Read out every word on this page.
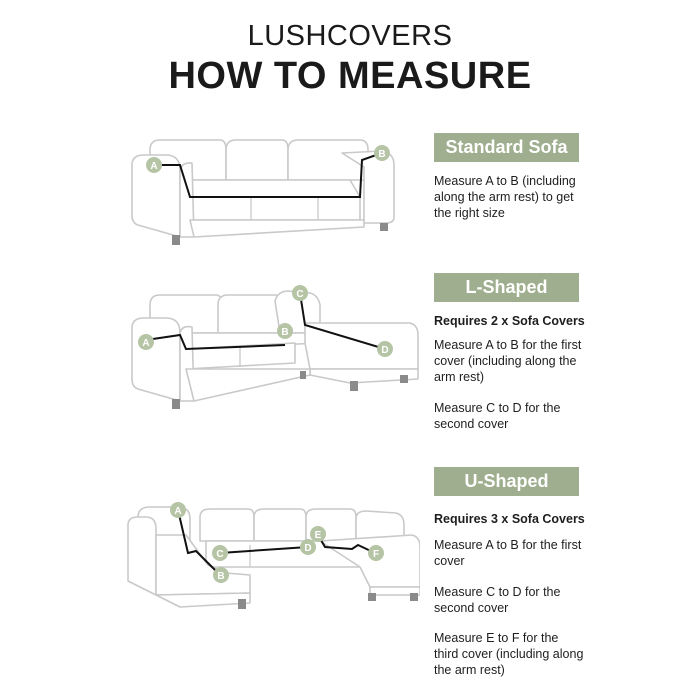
LUSHCOVERS
HOW TO MEASURE
A
B	Standard Sofa
Measure A to B (including along the arm rest) to get the right size
A
B
C
D
L-Shaped
Requires 2 x Sofa Covers
Measure A to B for the first cover (including along the arm rest)
Measure C to D for the second cover
A
B
C
D
E
F
U-Shaped
Requires 3 x Sofa Covers
Measure A to B for the first cover
Measure C to D for the second cover
Measure E to F for the third cover (including along the arm rest)
